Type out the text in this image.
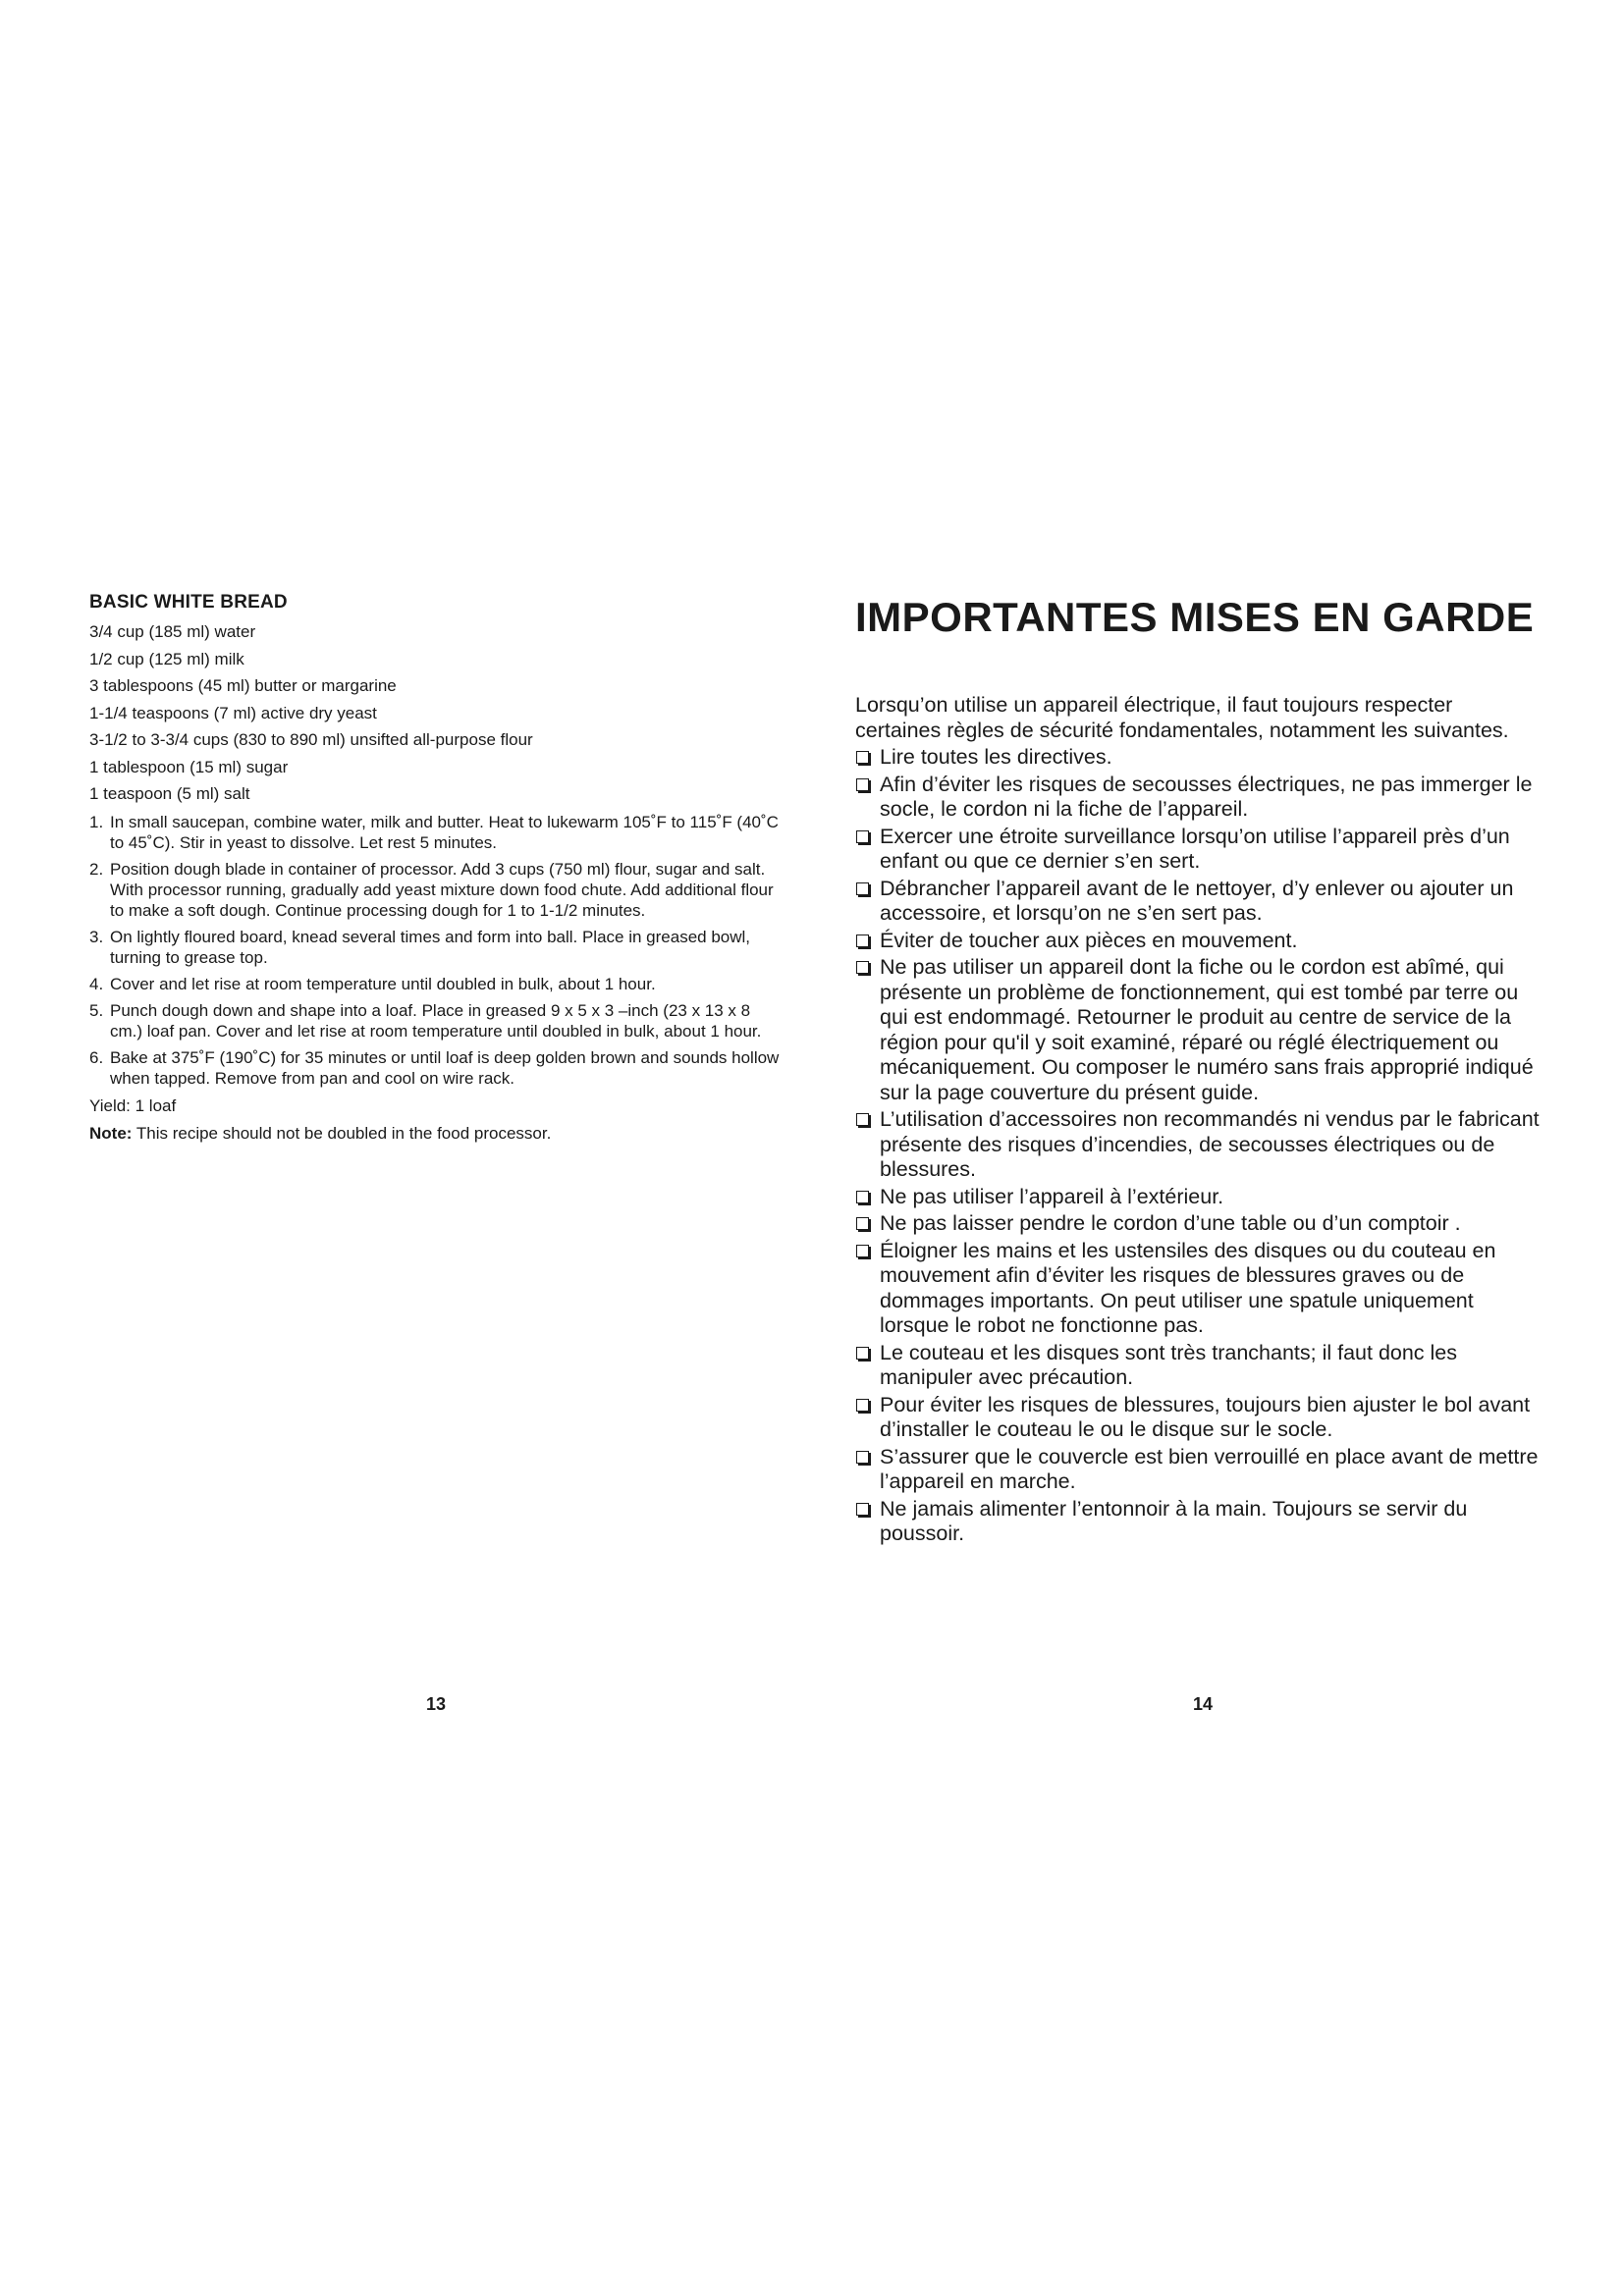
BASIC WHITE BREAD
3/4 cup (185 ml) water
1/2 cup (125 ml) milk
3 tablespoons (45 ml) butter or margarine
1-1/4 teaspoons (7 ml) active dry yeast
3-1/2 to 3-3/4 cups (830 to 890 ml) unsifted all-purpose flour
1 tablespoon (15 ml) sugar
1 teaspoon (5 ml) salt
1. In small saucepan, combine water, milk and butter. Heat to lukewarm 105˚F to 115˚F (40˚C to 45˚C). Stir in yeast to dissolve. Let rest 5 minutes.
2. Position dough blade in container of processor. Add 3 cups (750 ml) flour, sugar and salt. With processor running, gradually add yeast mixture down food chute. Add additional flour to make a soft dough. Continue processing dough for 1 to 1-1/2 minutes.
3. On lightly floured board, knead several times and form into ball. Place in greased bowl, turning to grease top.
4. Cover and let rise at room temperature until doubled in bulk, about 1 hour.
5. Punch dough down and shape into a loaf. Place in greased 9 x 5 x 3 –inch (23 x 13 x 8 cm.) loaf pan. Cover and let rise at room temperature until doubled in bulk, about 1 hour.
6. Bake at 375˚F (190˚C) for 35 minutes or until loaf is deep golden brown and sounds hollow when tapped. Remove from pan and cool on wire rack.
Yield: 1 loaf
Note: This recipe should not be doubled in the food processor.
IMPORTANTES MISES EN GARDE

Lorsqu’on utilise un appareil électrique, il faut toujours respecter certaines règles de sécurité fondamentales, notamment les suivantes.

Lire toutes les directives.
Afin d’éviter les risques de secousses électriques, ne pas immerger le socle, le cordon ni la fiche de l’appareil.
Exercer une étroite surveillance lorsqu’on utilise l’appareil près d’un enfant ou que ce dernier s’en sert.
Débrancher l’appareil avant de le nettoyer, d’y enlever ou ajouter un accessoire, et lorsqu’on ne s’en sert pas.
Éviter de toucher aux pièces en mouvement.
Ne pas utiliser un appareil dont la fiche ou le cordon est abîmé, qui présente un problème de fonctionnement, qui est tombé par terre ou qui est endommagé. Retourner le produit au centre de service de la région pour qu'il y soit examiné, réparé ou réglé électriquement ou mécaniquement. Ou composer le numéro sans frais approprié indiqué sur la page couverture du présent guide.
L’utilisation d’accessoires non recommandés ni vendus par le fabricant présente des risques d’incendies, de secousses électriques ou de blessures.
Ne pas utiliser l’appareil à l’extérieur.
Ne pas laisser pendre le cordon d’une table ou d’un comptoir .
Éloigner les mains et les ustensiles des disques ou du couteau en mouvement afin d’éviter les risques de blessures graves ou de dommages importants. On peut utiliser une spatule uniquement lorsque le robot ne fonctionne pas.
Le couteau et les disques sont très tranchants; il faut donc les manipuler avec précaution.
Pour éviter les risques de blessures, toujours bien ajuster le bol avant d’installer le couteau le ou le disque sur le socle.
S’assurer que le couvercle est bien verrouillé en place avant de mettre l’appareil en marche.
Ne jamais alimenter l’entonnoir à la main. Toujours se servir du poussoir.
13	14
